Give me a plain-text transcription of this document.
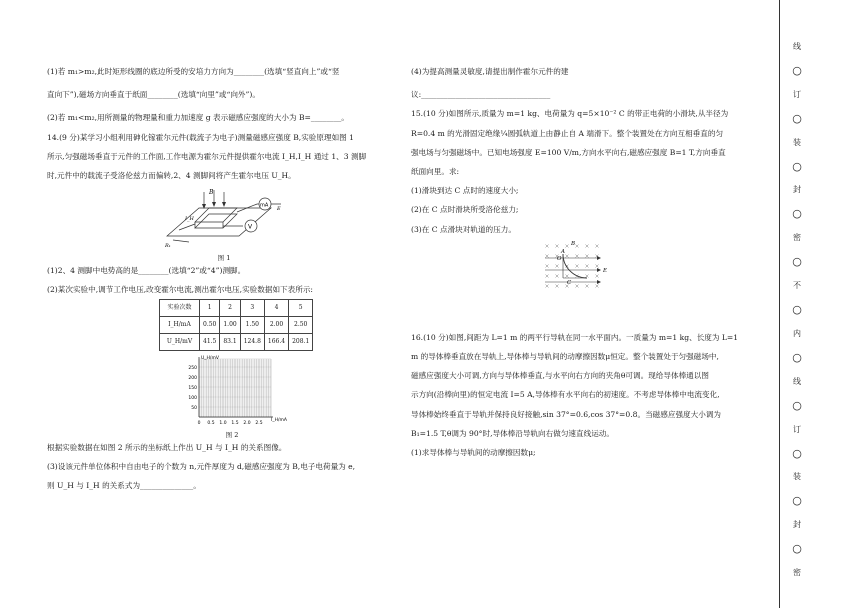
(1)若 m₁>m₂,此时矩形线圈的底边所受的安培力方向为________(选填“竖直向上”或“竖
直向下”),磁场方向垂直于纸面________(选填“向里”或“向外”)。
(2)若 m₁<m₂,用所测量的物理量和重力加速度 g 表示磁感应强度的大小为 B=________。
14.(9 分)某学习小组利用砷化镓霍尔元件(载流子为电子)测量磁感应强度 B,实验原理如图 1
所示,匀强磁场垂直于元件的工作面,工作电源为霍尔元件提供霍尔电流 I_H,I_H 通过 1、3 测脚
时,元件中的载流子受洛伦兹力而偏转,2、4 测脚间将产生霍尔电压 U_H。
V
mA
B
I_H
E
R₁
图 1
(1)2、4 测脚中电势高的是________(选填“2”或“4”)测脚。
(2)某次实验中,调节工作电压,改变霍尔电流,测出霍尔电压,实验数据如下表所示:
实验次数	1	2	3	4	5
I_H/mA	0.50	1.00	1.50	2.00	2.50
U_H/mV	41.5	83.1	124.8	166.4	208.1
U_H/mV
I_H/mA
250
200
150
100
50
0 0.5 1.0 1.5 2.0 2.5
图 2
根据实验数据在如图 2 所示的坐标纸上作出 U_H 与 I_H 的关系图像。
(3)设该元件单位体积中自由电子的个数为 n,元件厚度为 d,磁感应强度为 B,电子电荷量为 e,
则 U_H 与 I_H 的关系式为______________。
(4)为提高测量灵敏度,请提出制作霍尔元件的建
议:__________________________________
15.(10 分)如图所示,质量为 m=1 kg、电荷量为 q=5×10⁻² C 的带正电荷的小滑块,从半径为
R=0.4 m 的光滑固定绝缘¼圆弧轨道上由静止自 A 端滑下。整个装置处在方向互相垂直的匀
强电场与匀强磁场中。已知电场强度 E=100 V/m,方向水平向右,磁感应强度 B=1 T,方向垂直
纸面向里。求:
(1)滑块到达 C 点时的速度大小;
(2)在 C 点时滑块所受洛伦兹力;
(3)在 C 点滑块对轨道的压力。
B
E
A
O
C
16.(10 分)如图,间距为 L=1 m 的两平行导轨在同一水平面内。一质量为 m=1 kg、长度为 L=1
m 的导体棒垂直放在导轨上,导体棒与导轨间的动摩擦因数μ恒定。整个装置处于匀强磁场中,
磁感应强度大小可调,方向与导体棒垂直,与水平向右方向的夹角θ可调。现给导体棒通以图
示方向(沿棒向里)的恒定电流 I=5 A,导体棒有水平向右的初速度。不考虑导体棒中电流变化,
导体棒始终垂直于导轨并保持良好接触,sin 37°=0.6,cos 37°=0.8。当磁感应强度大小调为
B₁=1.5 T,θ调为 90°时,导体棒沿导轨向右做匀速直线运动。
(1)求导体棒与导轨间的动摩擦因数μ;
线
○
订
○
装
○
封
○
密
○
不
○
内
○
线
○
订
○
装
○
封
○
密
